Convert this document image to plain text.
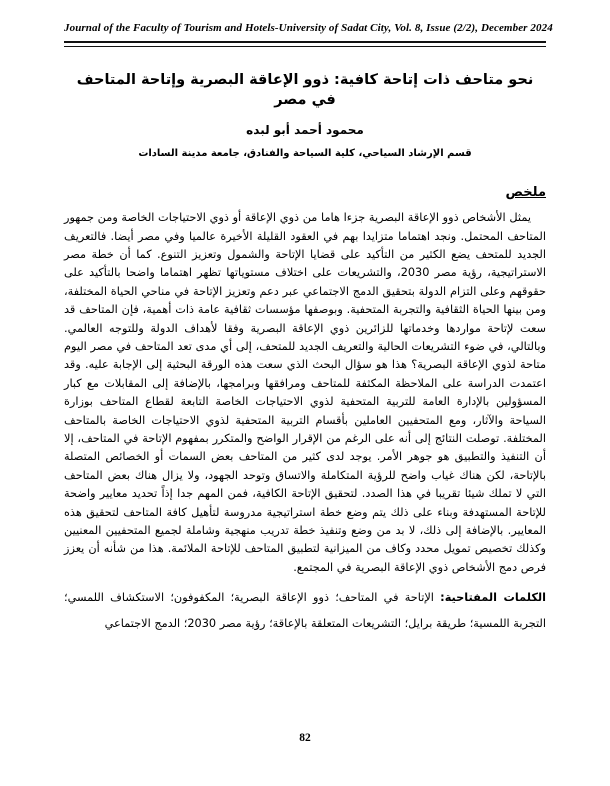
Journal of the Faculty of Tourism and Hotels-University of Sadat City, Vol. 8, Issue (2/2), December 2024
نحو متاحف ذات إتاحة كافية: ذوو الإعاقة البصرية وإتاحة المتاحف في مصر
محمود أحمد أبو لبده
قسم الإرشاد السياحي، كلية السياحة والفنادق، جامعة مدينة السادات
ملخص

يمثل الأشخاص ذوو الإعاقة البصرية جزءا هاما من ذوي الإعاقة أو ذوي الاحتياجات الخاصة ومن جمهور المتاحف المحتمل. ونجد اهتماما متزايدا بهم في العقود القليلة الأخيرة عالميا وفي مصر أيضا. فالتعريف الجديد للمتحف يضع الكثير من التأكيد على قضايا الإتاحة والشمول وتعزيز التنوع. كما أن خطة مصر الاستراتيجية، رؤية مصر 2030، والتشريعات على اختلاف مستوياتها تظهر اهتماما واضحا بالتأكيد على حقوقهم وعلى التزام الدولة بتحقيق الدمج الاجتماعي عبر دعم وتعزيز الإتاحة في مناحي الحياة المختلفة، ومن بينها الحياة الثقافية والتجربة المتحفية. وبوصفها مؤسسات ثقافية عامة ذات أهمية، فإن المتاحف قد سعت لإتاحة مواردها وخدماتها للزائرين ذوي الإعاقة البصرية وفقا لأهداف الدولة وللتوجه العالمي. وبالتالي، في ضوء التشريعات الحالية والتعريف الجديد للمتحف، إلى أي مدى تعد المتاحف في مصر اليوم متاحة لذوي الإعاقة البصرية؟ هذا هو سؤال البحث الذي سعت هذه الورقة البحثية إلى الإجابة عليه. وقد اعتمدت الدراسة على الملاحظة المكثفة للمتاحف ومرافقها وبرامجها، بالإضافة إلى المقابلات مع كبار المسؤولين بالإدارة العامة للتربية المتحفية لذوي الاحتياجات الخاصة التابعة لقطاع المتاحف بوزارة السياحة والآثار، ومع المتحفيين العاملين بأقسام التربية المتحفية لذوي الاحتياجات الخاصة بالمتاحف المختلفة. توصلت النتائج إلى أنه على الرغم من الإقرار الواضح والمتكرر بمفهوم الإتاحة في المتاحف، إلا أن التنفيذ والتطبيق هو جوهر الأمر. يوجد لدى كثير من المتاحف بعض السمات أو الخصائص المتصلة بالإتاحة، لكن هناك غياب واضح للرؤية المتكاملة والاتساق وتوحد الجهود، ولا يزال هناك بعض المتاحف التي لا تملك شيئا تقريبا في هذا الصدد. لتحقيق الإتاحة الكافية، فمن المهم جدا إذاً تحديد معايير واضحة للإتاحة المستهدفة وبناء على ذلك يتم وضع خطة استراتيجية مدروسة لتأهيل كافة المتاحف لتحقيق هذه المعايير. بالإضافة إلى ذلك، لا بد من وضع وتنفيذ خطة تدريب منهجية وشاملة لجميع المتحفيين المعنيين وكذلك تخصيص تمويل محدد وكاف من الميزانية لتطبيق المتاحف للإتاحة الملائمة. هذا من شأنه أن يعزز فرص دمج الأشخاص ذوي الإعاقة البصرية في المجتمع.

الكلمات المفتاحية: الإتاحة في المتاحف؛ ذوو الإعاقة البصرية؛ المكفوفون؛ الاستكشاف اللمسي؛ التجربة اللمسية؛ طريقة برايل؛ التشريعات المتعلقة بالإعاقة؛ رؤية مصر 2030؛ الدمج الاجتماعي

82
